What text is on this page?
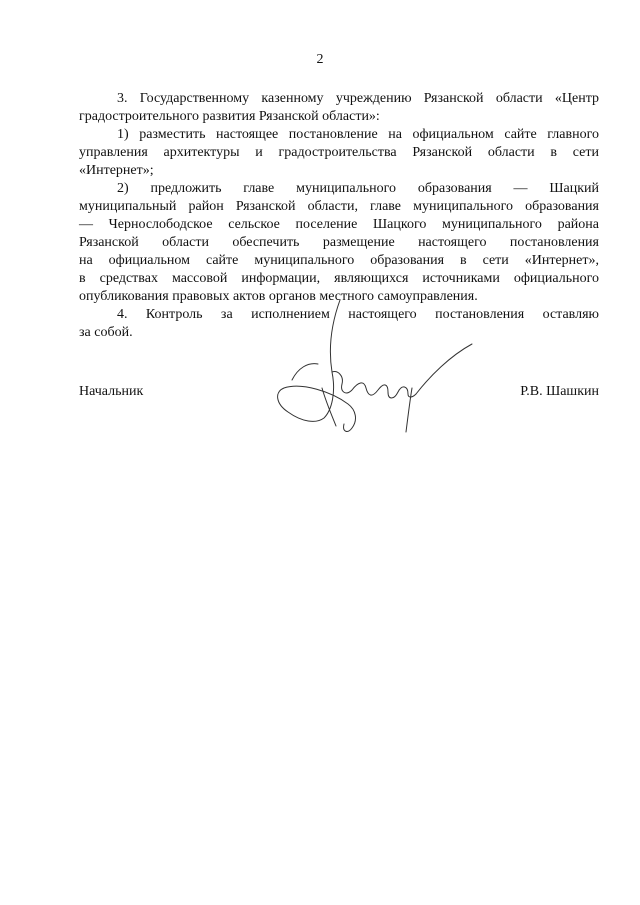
2
3. Государственному казенному учреждению Рязанской области «Центр
градостроительного развития Рязанской области»:
1) разместить настоящее постановление на официальном сайте главного
управления архитектуры и градостроительства Рязанской области в сети
«Интернет»;
2) предложить главе муниципального образования — Шацкий
муниципальный район Рязанской области, главе муниципального образования
— Чернослободское сельское поселение Шацкого муниципального района
Рязанской области обеспечить размещение настоящего постановления
на официальном сайте муниципального образования в сети «Интернет»,
в средствах массовой информации, являющихся источниками официального
опубликования правовых актов органов местного самоуправления.
4. Контроль за исполнением настоящего постановления оставляю
за собой.
Начальник	Р.В. Шашкин
